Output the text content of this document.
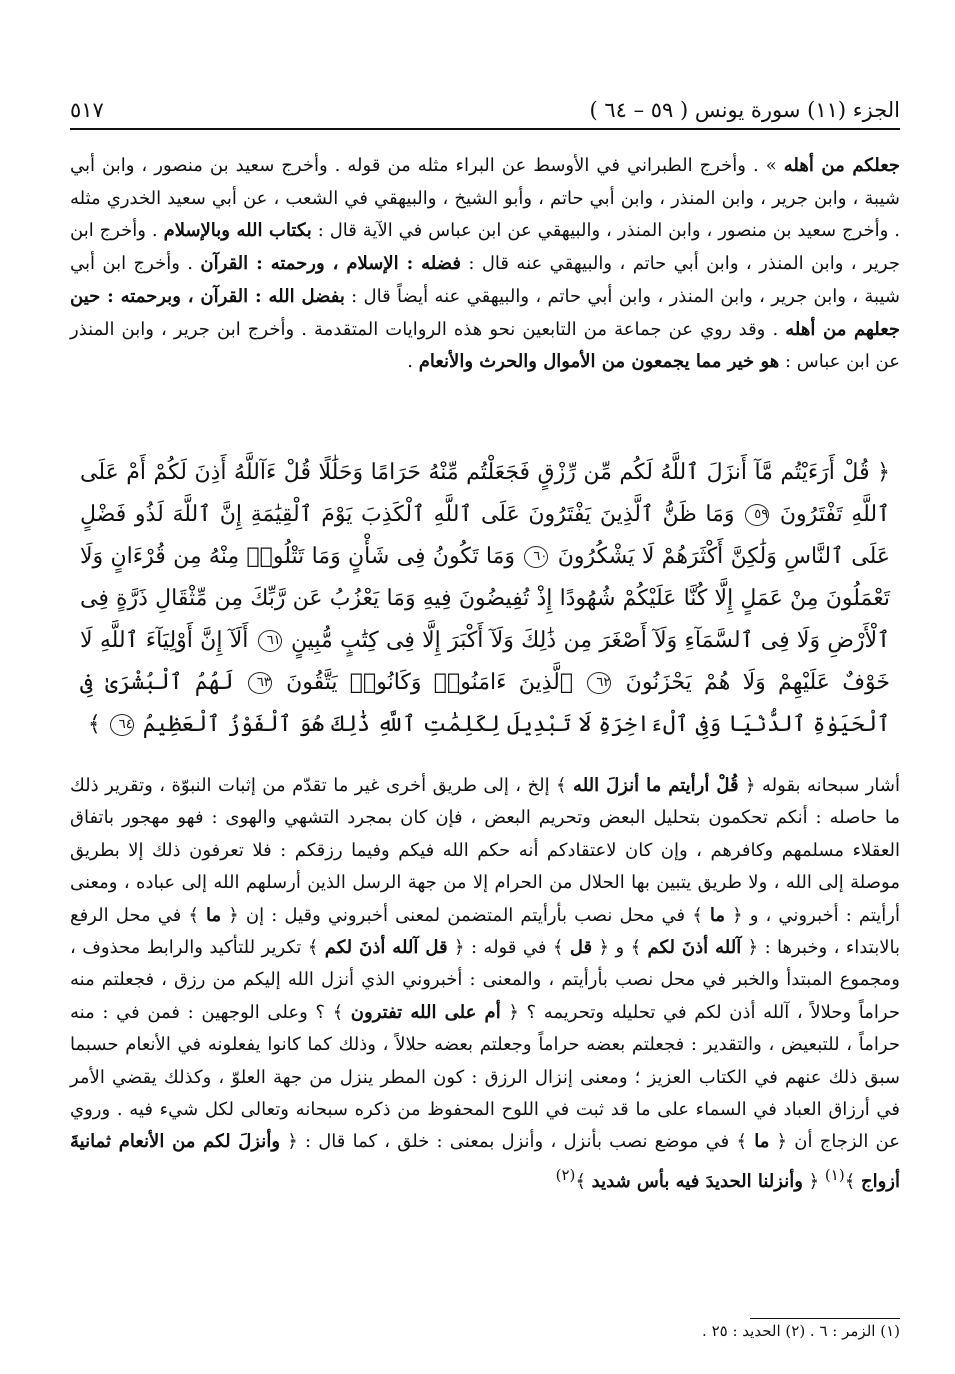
الجزء (١١) سورة يونس ( ٥٩ – ٦٤ )
٥١٧

جعلكم من أهله » . وأخرج الطبراني في الأوسط عن البراء مثله من قوله . وأخرج سعيد بن منصور ، وابن أبي شيبة ، وابن جرير ، وابن المنذر ، وابن أبي حاتم ، وأبو الشيخ ، والبيهقي في الشعب ، عن أبي سعيد الخدري مثله . وأخرج سعيد بن منصور ، وابن المنذر ، والبيهقي عن ابن عباس في الآية قال : بكتاب الله وبالإسلام . وأخرج ابن جرير ، وابن المنذر ، وابن أبي حاتم ، والبيهقي عنه قال : فضله : الإسلام ، ورحمته : القرآن . وأخرج ابن أبي شيبة ، وابن جرير ، وابن المنذر ، وابن أبي حاتم ، والبيهقي عنه أيضاً قال : بفضل الله : القرآن ، وبرحمته : حين جعلهم من أهله . وقد روي عن جماعة من التابعين نحو هذه الروايات المتقدمة . وأخرج ابن جرير ، وابن المنذر عن ابن عباس : هو خير مما يجمعون من الأموال والحرث والأنعام .

﴿ قُلْ أَرَءَيْتُم مَّآ أَنزَلَ ٱللَّهُ لَكُم مِّن رِّزْقٍ فَجَعَلْتُم مِّنْهُ حَرَامًا وَحَلَٰلًا قُلْ ءَآللَّهُ أَذِنَ لَكُمْ أَمْ عَلَى ٱللَّهِ تَفْتَرُونَ ٥٩ وَمَا ظَنُّ ٱلَّذِينَ يَفْتَرُونَ عَلَى ٱللَّهِ ٱلْكَذِبَ يَوْمَ ٱلْقِيَٰمَةِ إِنَّ ٱللَّهَ لَذُو فَضْلٍ عَلَى ٱلنَّاسِ وَلَٰكِنَّ أَكْثَرَهُمْ لَا يَشْكُرُونَ ٦٠ وَمَا تَكُونُ فِى شَأْنٍ وَمَا تَتْلُوا۟ مِنْهُ مِن قُرْءَانٍ وَلَا تَعْمَلُونَ مِنْ عَمَلٍ إِلَّا كُنَّا عَلَيْكُمْ شُهُودًا إِذْ تُفِيضُونَ فِيهِ وَمَا يَعْزُبُ عَن رَّبِّكَ مِن مِّثْقَالِ ذَرَّةٍ فِى ٱلْأَرْضِ وَلَا فِى ٱلسَّمَآءِ وَلَآ أَصْغَرَ مِن ذَٰلِكَ وَلَآ أَكْبَرَ إِلَّا فِى كِتَٰبٍ مُّبِينٍ ٦١ أَلَآ إِنَّ أَوْلِيَآءَ ٱللَّهِ لَا خَوْفٌ عَلَيْهِمْ وَلَا هُمْ يَحْزَنُونَ ٦٢ ٱلَّذِينَ ءَامَنُوا۟ وَكَانُوا۟ يَتَّقُونَ ٦٣ لَهُمُ ٱلْبُشْرَىٰ فِى ٱلْحَيَوٰةِ ٱلدُّنْيَا وَفِى ٱلْءَاخِرَةِ لَا تَبْدِيلَ لِكَلِمَٰتِ ٱللَّهِ ذَٰلِكَ هُوَ ٱلْفَوْزُ ٱلْعَظِيمُ ٦٤ ﴾

أشار سبحانه بقوله ﴿ قُلْ أرأيتم ما أنزلَ الله ﴾ إلخ ، إلى طريق أخرى غير ما تقدّم من إثبات النبوّة ، وتقرير ذلك ما حاصله : أنكم تحكمون بتحليل البعض وتحريم البعض ، فإن كان بمجرد التشهي والهوى : فهو مهجور باتفاق العقلاء مسلمهم وكافرهم ، وإن كان لاعتقادكم أنه حكم الله فيكم وفيما رزقكم : فلا تعرفون ذلك إلا بطريق موصلة إلى الله ، ولا طريق يتبين بها الحلال من الحرام إلا من جهة الرسل الذين أرسلهم الله إلى عباده ، ومعنى أرأيتم : أخبروني ، و ﴿ ما ﴾ في محل نصب بأرأيتم المتضمن لمعنى أخبروني وقيل : إن ﴿ ما ﴾ في محل الرفع بالابتداء ، وخبرها : ﴿ آلله أذنَ لكم ﴾ و ﴿ قل ﴾ في قوله : ﴿ قل آلله أذنَ لكم ﴾ تكرير للتأكيد والرابط محذوف ، ومجموع المبتدأ والخبر في محل نصب بأرأيتم ، والمعنى : أخبروني الذي أنزل الله إليكم من رزق ، فجعلتم منه حراماً وحلالاً ، آلله أذن لكم في تحليله وتحريمه ؟ ﴿ أم على الله تفترون ﴾ ؟ وعلى الوجهين : فمن في : منه حراماً ، للتبعيض ، والتقدير : فجعلتم بعضه حراماً وجعلتم بعضه حلالاً ، وذلك كما كانوا يفعلونه في الأنعام حسبما سبق ذلك عنهم في الكتاب العزيز ؛ ومعنى إنزال الرزق : كون المطر ينزل من جهة العلوّ ، وكذلك يقضي الأمر في أرزاق العباد في السماء على ما قد ثبت في اللوح المحفوظ من ذكره سبحانه وتعالى لكل شيء فيه . وروي عن الزجاج أن ﴿ ما ﴾ في موضع نصب بأنزل ، وأنزل بمعنى : خلق ، كما قال : ﴿ وأنزلَ لكم من الأنعام ثمانيةَ أزواج ﴾$^{(١)}$ ﴿ وأنزلنا الحديدَ فيه بأس شديد ﴾$^{(٢)}$

(١) الزمر : ٦ . (٢) الحديد : ٢٥ .
